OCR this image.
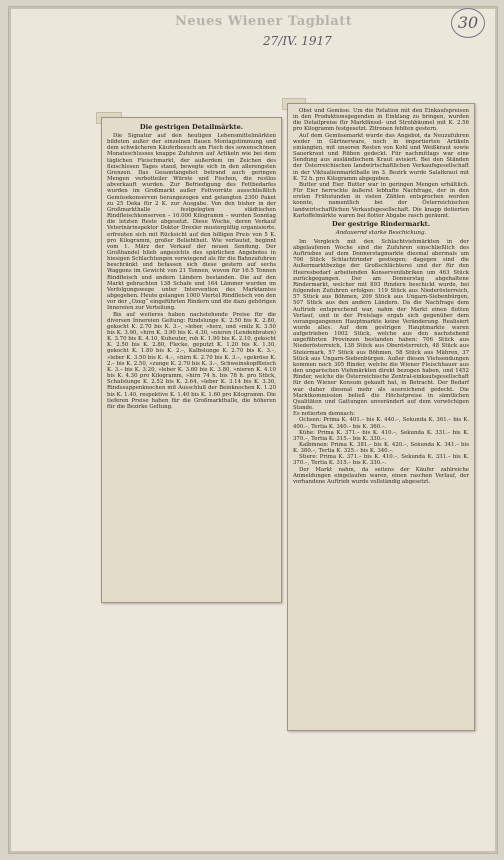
Neues Wiener Tagblatt
27/IV. 1917
30
Die gestrigen Detailmärkte.

Die Signatur auf den heutigen Lebensmittelmärkten bildeten außer der einzelnen flauen Montagstimmung und dem schwächeren Käuferbesuch am Fisch des sowenschönen Monatsschlusses knappe Zufuhren auf Artikeln wie bei dem täglichen Fleischmarkt, der außerdem im Zeichen des fleischlosen Tages stand, bewegte sich in den allerengsten Grenzen. Das Gesamtangebot betrand auch geringen Mengen verbotteiler Würste und Fischen, die restlos abverkauft wurden. Zur Befriedigung des Fettbedarfes wurden im Großmarkt außer Fettvorräte ausschließlich Gemüsekonserven herangezogen und gelangten 2300 Paket zu 25 Deka für 2 K. zur Ausgabe. Von den bisher in der Großmarkthalle festgelegten städtischen Rindfleischkonserven – 10.000 Kilogramm – wurden Sonntag die letzten Reste abgesetzt. Diese Woche, deren Verkauf Veterinärinspektor Doktor Drexler mustergültig organisierte, erfreuten sich mit Rücksicht auf den billigen Preis von 5 K. pro Kilogramm, großer Beliebtheit. Wie verlautet, beginnt vom 1. März der Verkauf der neuen Sendung. Der Großhandel blieb angesichts des spärlichen Angebotes in hiesigen Schlachtungen vorwiegend als für die Bahnzufuhren beschränkt und befassen sich diese gestern auf sechs Waggons im Gewicht von 21 Tonnen, wovon für 16.5 Tonnen Rindfleisch und andern Ländern bestanden. Die auf den Markt gebrachten 138 Schafe und 164 Lämmer wurden im Verfolgungswege unter Intervention des Marktamtes abgegeben. Heute gelangen 1000 Viertel Rindfleisch von den vor der „Ozeg“ eingeführten Rindern und die dazu gehörigen Innereien zur Verteilung.

Bis auf weiteres haben nachstehende Preise für die diversen Innereien Geltung: Rindslunge K. 2.50 bis K. 2.80, gekocht K. 2.70 bis K. 3.–, »leber, »herz, und »milz K. 3.50 bis K. 3.90, »hirn K. 3.90 bis K. 4.30, »nieren (Lendenbraten) K. 3.70 bis K. 4.10, Kuheuter, roh K. 1.90 bis K. 2.10, gekocht K. 2.50 bis K. 2.80, Flecke, geputzt K. 1.20 bis K. 1.30, gekocht K. 1.80 bis K. 2.–, Kalbslunge K. 2.70 bis K. 3.–, »leber K. 3.50 bis K. 4.–, »hirn K. 2.70 bis K. 3.–, »gekröse K. 2.– bis K. 2.50, »zunge K. 2.70 bis K. 3.–, Schweinskopffleisch K. 3.– bis K. 3.20, »leber K. 3.60 bis K. 3.80, »nieren K. 4.10 bis K. 4.30 pro Kilogramm, »hirn 74 h. bis 78 h. pro Stück, Schafslunge K. 2.52 bis K. 2.64, »leber K. 3.14 bis K. 3.30, Rindssuppenknochen mit Ausschluß der Beinknochen K. 1.20 bis K. 1.40, respektive K. 1.40 bis K. 1.60 pro Kilogramm. Die tieferen Preise haben für die Großmarkthalle, die höheren für die Bezirke Geltung.

Obst und Gemüse. Um die Relation mit den Einkaufspreisen in den Produktionsgegenden in Einklang zu bringen, wurden die Detailpreise für Markfänsel- und Strohbäumel mit K. 2.56 pro Kilogramm festgesetzt. Zitronen fehlten gestern.

Auf dem Gemüsemarkt wurde das Angebot, da Neuzufuhren weder in Gärtnerware, noch in importierten Artikeln einlangten, mit unseren Resten von Kohl und Weißkraut sowie Sauerkraut und Rüben gedeckt. Für nachmittags war eine Sendung aus ausländischem Kraut avisiert. Bei den Ständen der Österreichischen landwirtschaftlichen Verkaufsgesellschaft in der Viktualienmarkthalle im 3. Bezirk wurde Salatkraut mit K. 72 h. pro Kilogramm abgegeben.

Butter und Eier. Butter war in geringen Mengen erhältlich. Für Eier herrschte äußerst lebhafte Nachfrage, der in den ersten Frühstunden in vielen Zählen entsprochen werden konnte, namentlich bei der Österreichischen landwirtschaftlichen Verkaufsgesellschaft. Die knapp dotierten Kartoffelmärkte waren bei flotter Abgabe rasch geräumt.

Der gestrige Rindermarkt.
Andauernd starke Beschickung.

Im Vergleich mit den Schlachtviehmärkten in der abgelaufenen Woche sind die Zufuhren einschließlich des Auftriebes auf dem Donnerstagmarkte diesmal abermals um 706 Stück Schlachtrinder gestiegen; dagegen sind die Außermarktbezüge der Großschlächterei und der für den Heeresbedarf arbeitenden Konservenfabriken um 463 Stück zurückgegangen. Der am Donnerstag abgehaltene Rindermarkt, welcher mit 893 Rindern beschickt wurde, bei folgenden Zufuhren erfolgen: 119 Stück aus Niederösterreich, 57 Stück aus Böhmen, 209 Stück aus Ungarn-Siebenbürgen, 507 Stück aus den andern Ländern. Da die Nachfrage dem Auftrieb entsprechend war, nahm der Markt einen flotten Verlauf, und in der Preislage ergab sich gegenüber dem vorangegangenen Hauptmarkte keine Veränderung. Realisiert wurde alles. Auf dem gestrigen Hauptmarkte waren aufgetrieben 1002 Stück, welche aus den nachstehend angeführten Provinzen bestanden haben: 706 Stück aus Niederösterreich, 138 Stück aus Oberösterreich, 48 Stück aus Steiermark, 57 Stück aus Böhmen, 58 Stück aus Mähren, 37 Stück aus Ungarn-Siebenbürgen. Außer diesen Viehsendungen kommen noch 305 Rinder, welche die Wiener Fleischhauer aus den ungarischen Viehmärkten direkt bezogen haben, und 1452 Rinder, welche die Österreichische Zentral-einkaufsgesellschaft für den Wiener Konsum gekauft hat, in Betracht. Der Bedarf war daher diesmal mehr als ausreichend gedeckt. Die Marktkommission beließ die Höchstpreise in sämtlichen Qualitäten und Gattungen unverändert auf dem vorwöchigen Stande.

Es notierten demnach:

Ochsen: Prima K. 401.– bis K. 440.–, Sekunda K. 361.– bis K. 400.–, Tertia K. 340.– bis K. 360.–.

Kühe: Prima K. 371.– bis K. 410.–, Sekunda K. 331.– bis K. 370.–, Tertia K. 315.– bis K. 330.–.

Kalbinnen: Prima K. 381.– bis K. 420.–, Sekunda K. 341.– bis K. 380.–, Tertia K. 325.– bis K. 340.–.

Stiere: Prima K. 371.– bis K. 410.–, Sekunda K. 331.– bis K. 370.–, Tertia K. 315.– bis K. 330.–.

Der Markt nahm, da seitens der Käufer zahlreiche Anmeldungen eingelaufen waren, einen raschen Verlauf, der vorhandene Auftrieb wurde vollständig abgesetzt.
